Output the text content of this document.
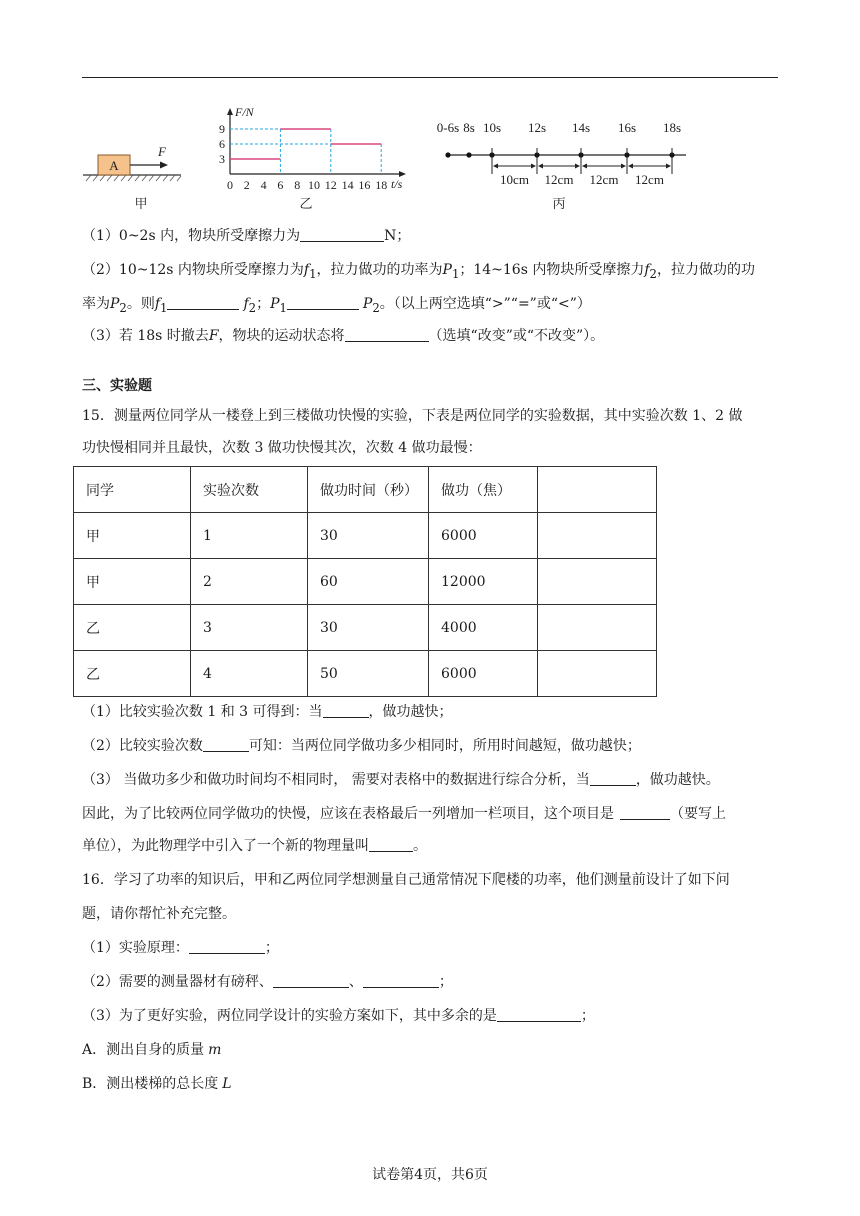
A
F
甲
F/N
t/s
3
6
9
0 2 4 6 8 10 12 14 16 18
乙
0-6s 8s 10s 12s 14s 16s 18s
10cm 12cm 12cm 12cm
丙
（1）0~2s 内，物块所受摩擦力为	N；
（2）10~12s 内物块所受摩擦力为$f_1$，拉力做功的功率为$P_1$；14~16s 内物块所受摩擦力$f_2$，拉力做功的功
率为$P_2$。则$f_1$	$f_2$；$P_1$	$P_2$。（以上两空选填“>”“=”或“<”）
（3）若 18s 时撤去F，物块的运动状态将	（选填“改变”或“不改变”）。
三、实验题
15．测量两位同学从一楼登上到三楼做功快慢的实验，下表是两位同学的实验数据，其中实验次数 1、2 做
功快慢相同并且最快，次数 3 做功快慢其次，次数 4 做功最慢：
同学	实验次数	做功时间（秒）	做功（焦）	
甲	1	30	6000	
甲	2	60	12000	
乙	3	30	4000	
乙	4	50	6000	
（1）比较实验次数 1 和 3 可得到：当	，做功越快；
（2）比较实验次数	可知：当两位同学做功多少相同时，所用时间越短，做功越快；
（3） 当做功多少和做功时间均不相同时， 需要对表格中的数据进行综合分析，当	，做功越快。
因此，为了比较两位同学做功的快慢，应该在表格最后一列增加一栏项目，这个项目是	（要写上
单位），为此物理学中引入了一个新的物理量叫	。
16．学习了功率的知识后，甲和乙两位同学想测量自己通常情况下爬楼的功率，他们测量前设计了如下问
题，请你帮忙补充完整。
（1）实验原理：	；
（2）需要的测量器材有磅秤、	、	；
（3）为了更好实验，两位同学设计的实验方案如下，其中多余的是	；
A．测出自身的质量 m
B．测出楼梯的总长度 L
试卷第4页，共6页
